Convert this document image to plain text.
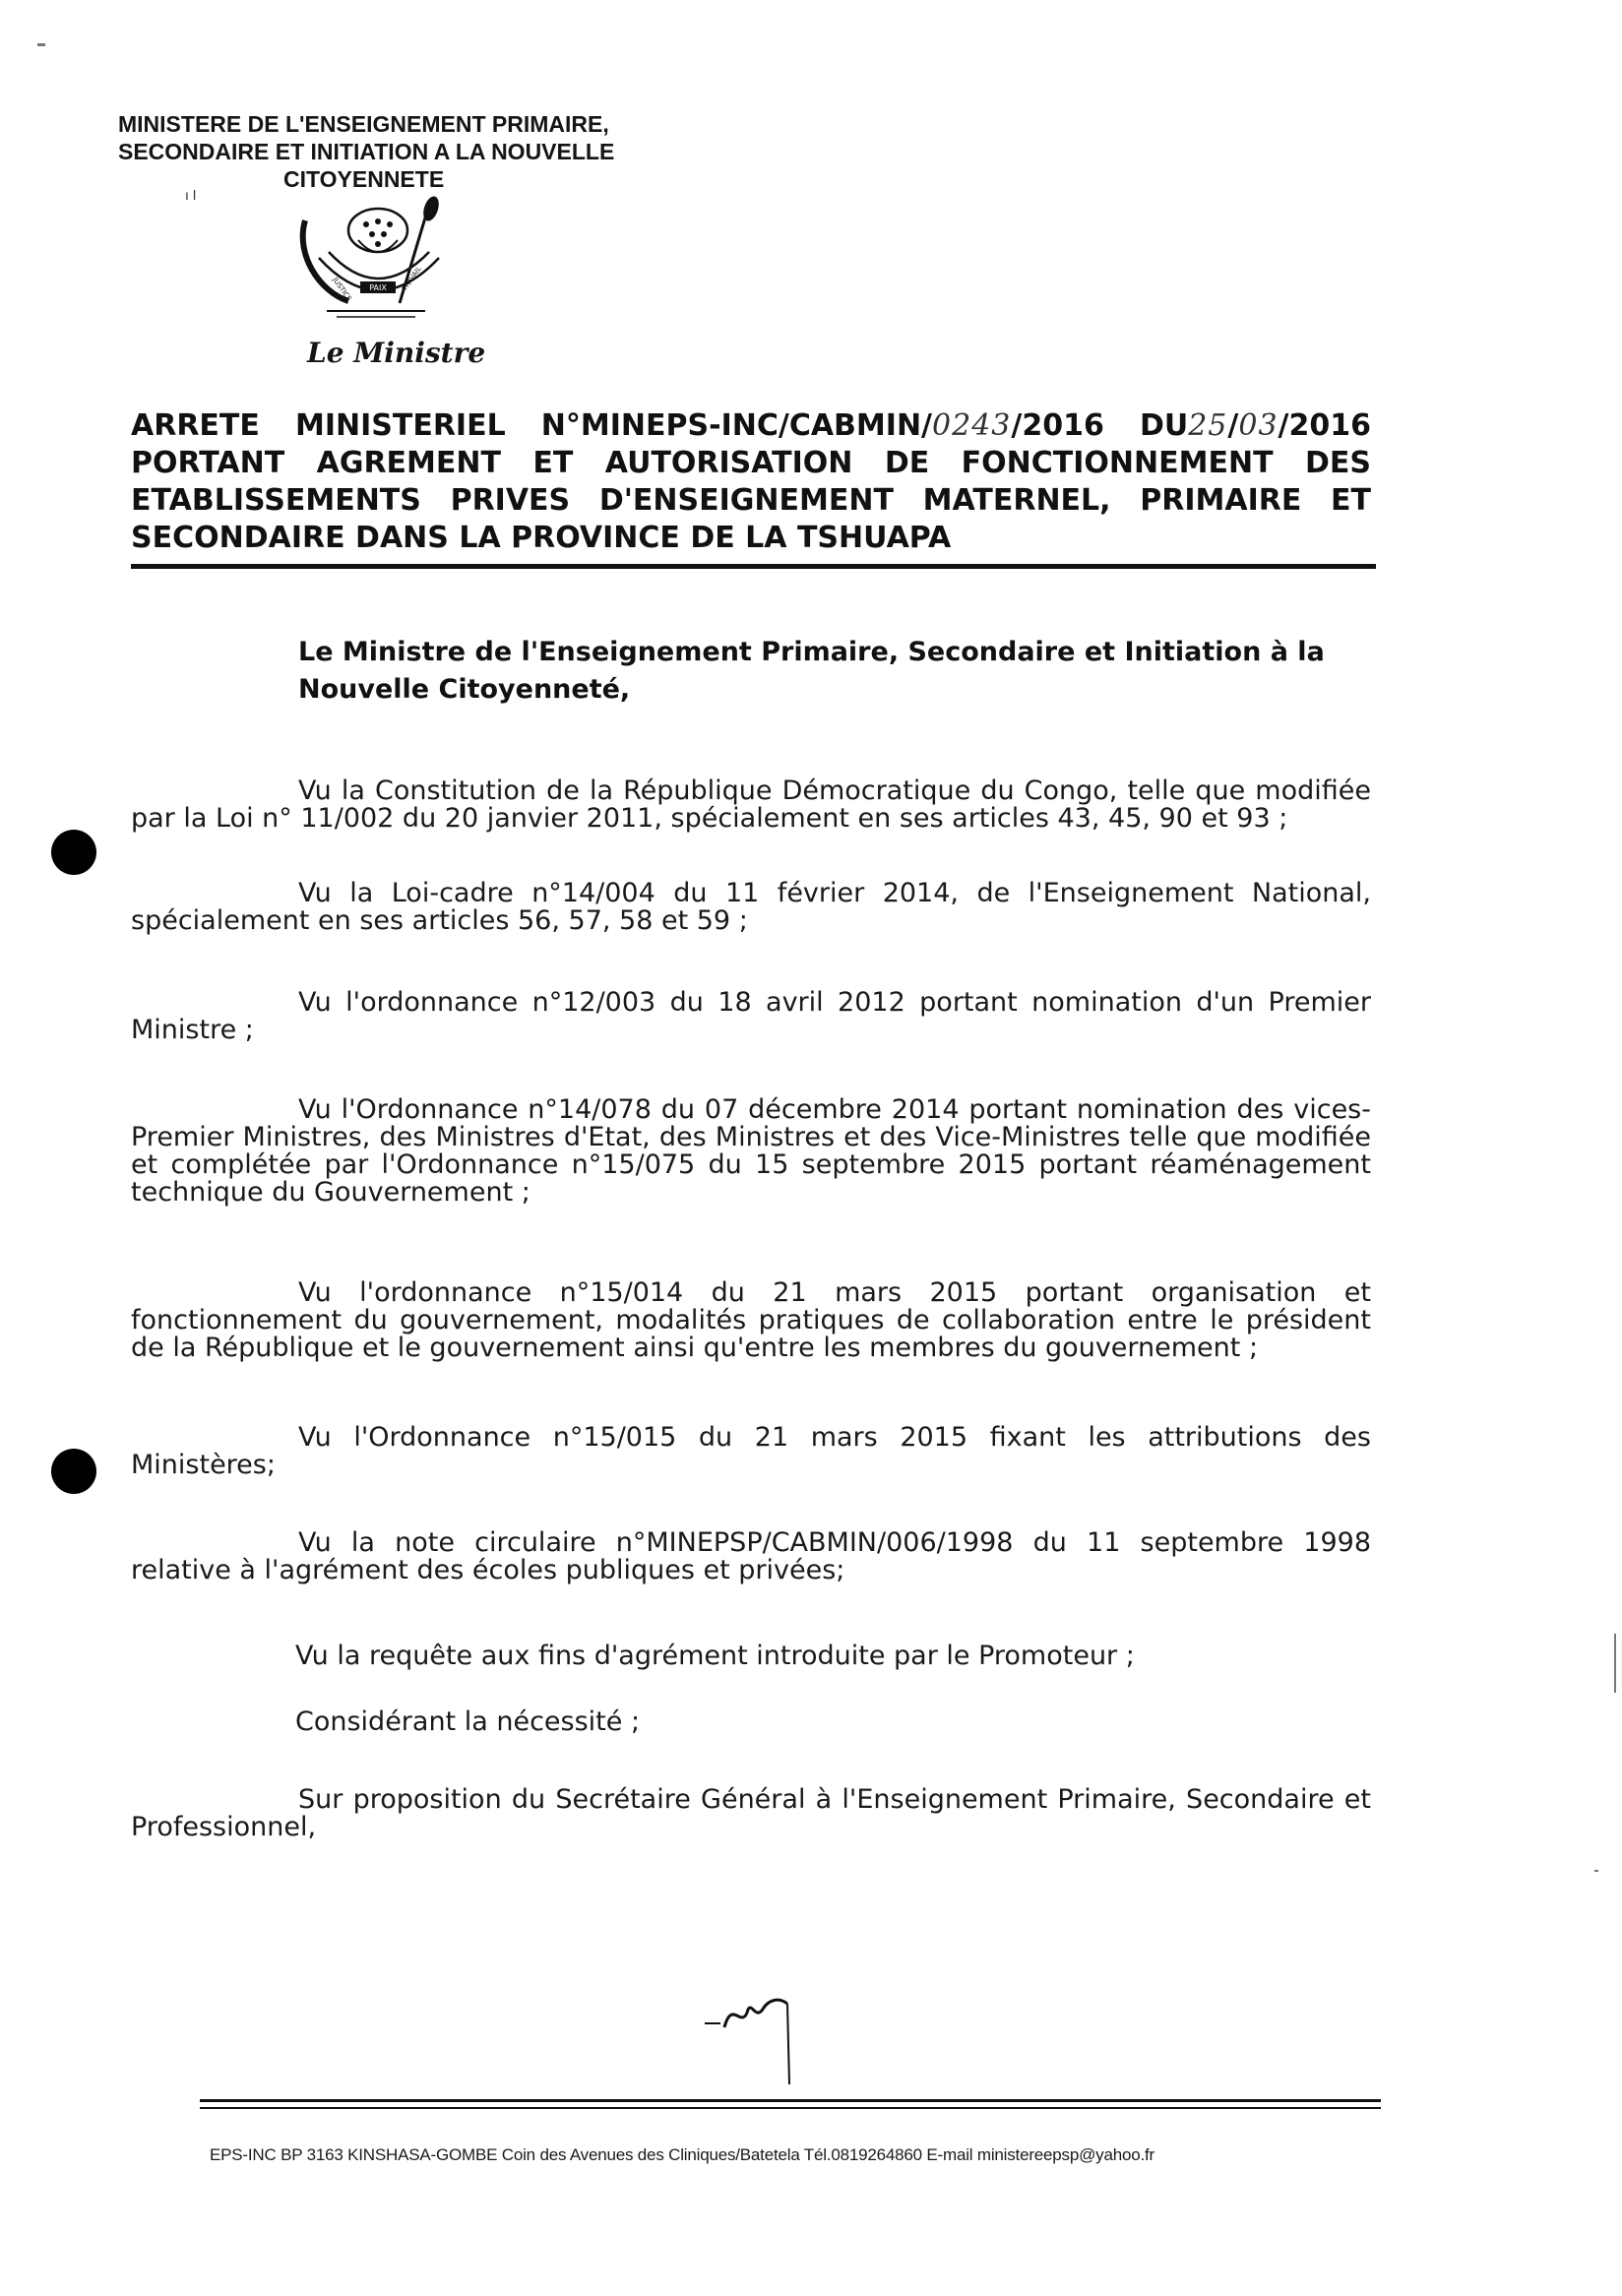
ı ǀ
MINISTERE DE L'ENSEIGNEMENT PRIMAIRE,
SECONDAIRE ET INITIATION A LA NOUVELLE
CITOYENNETE
PAIX
JUSTICE	TRAVAIL
Le Ministre
ARRETE MINISTERIEL N°MINEPS-INC/CABMIN/0243/2016 DU25/03/2016
PORTANT AGREMENT ET AUTORISATION DE FONCTIONNEMENT DES
ETABLISSEMENTS PRIVES D'ENSEIGNEMENT MATERNEL, PRIMAIRE ET
SECONDAIRE DANS LA PROVINCE DE LA TSHUAPA
Le Ministre de l'Enseignement Primaire, Secondaire et Initiation à la Nouvelle Citoyenneté,
Vu la Constitution de la République Démocratique du Congo, telle que modifiée par la Loi n° 11/002 du 20 janvier 2011, spécialement en ses articles 43, 45, 90 et 93 ;
Vu la Loi-cadre n°14/004 du 11 février 2014, de l'Enseignement National, spécialement en ses articles 56, 57, 58 et 59 ;
Vu l'ordonnance n°12/003 du 18 avril 2012 portant nomination d'un Premier Ministre ;
Vu l'Ordonnance n°14/078 du 07 décembre 2014 portant nomination des vices-Premier Ministres, des Ministres d'Etat, des Ministres et des Vice-Ministres telle que modifiée et complétée par l'Ordonnance n°15/075 du 15 septembre 2015 portant réaménagement technique du Gouvernement ;
Vu l'ordonnance n°15/014 du 21 mars 2015 portant organisation et fonctionnement du gouvernement, modalités pratiques de collaboration entre le président de la République et le gouvernement ainsi qu'entre les membres du gouvernement ;
Vu l'Ordonnance n°15/015 du 21 mars 2015 fixant les attributions des Ministères;
Vu la note circulaire n°MINEPSP/CABMIN/006/1998 du 11 septembre 1998 relative à l'agrément des écoles publiques et privées;
Vu la requête aux fins d'agrément introduite par le Promoteur ;
Considérant la nécessité ;
Sur proposition du Secrétaire Général à l'Enseignement Primaire, Secondaire et Professionnel,
EPS-INC BP 3163 KINSHASA-GOMBE Coin des Avenues des Cliniques/Batetela Tél.0819264860 E-mail ministereepsp@yahoo.fr
